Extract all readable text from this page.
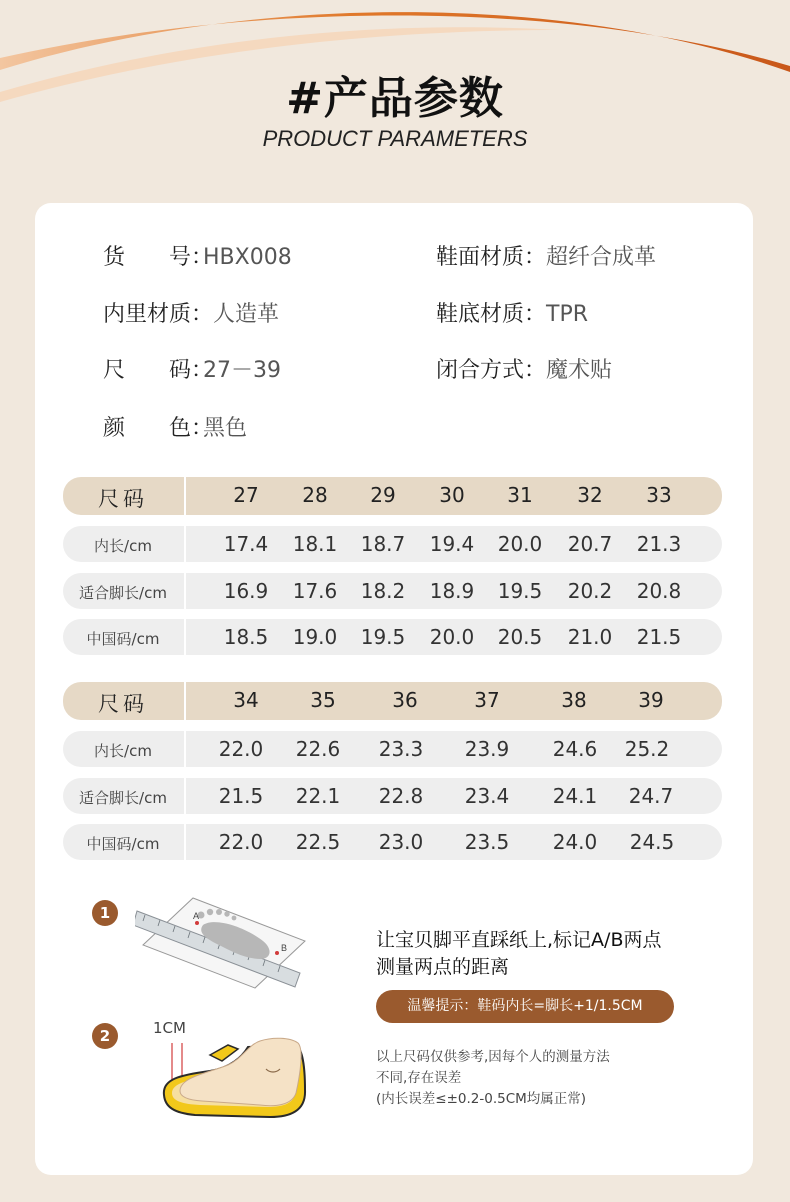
#产品参数
PRODUCT PARAMETERS
货 号：HBX008	鞋面材质：超纤合成革
内里材质：人造革	鞋底材质：TPR
尺 码：27－39	闭合方式：魔术贴
颜 色：黑色
尺码	27 28 29 30 31 32 33
内长/cm	17.4 18.1 18.7 19.4 20.0 20.7 21.3
适合脚长/cm	16.9 17.6 18.2 18.9 19.5 20.2 20.8
中国码/cm	18.5 19.0 19.5 20.0 20.5 21.0 21.5
尺码	34	35	36	37	38	39
内长/cm	22.0 22.6 23.3 23.9 24.6 25.2
适合脚长/cm	21.5 22.1 22.8 23.4 24.1 24.7
中国码/cm	22.0 22.5 23.0 23.5 24.0 24.5
1
2
A
B
1CM
让宝贝脚平直踩纸上,标记A/B两点
测量两点的距离
温馨提示：鞋码内长=脚长+1/1.5CM
以上尺码仅供参考,因每个人的测量方法
不同,存在误差
(内长误差≤±0.2-0.5CM均属正常)
